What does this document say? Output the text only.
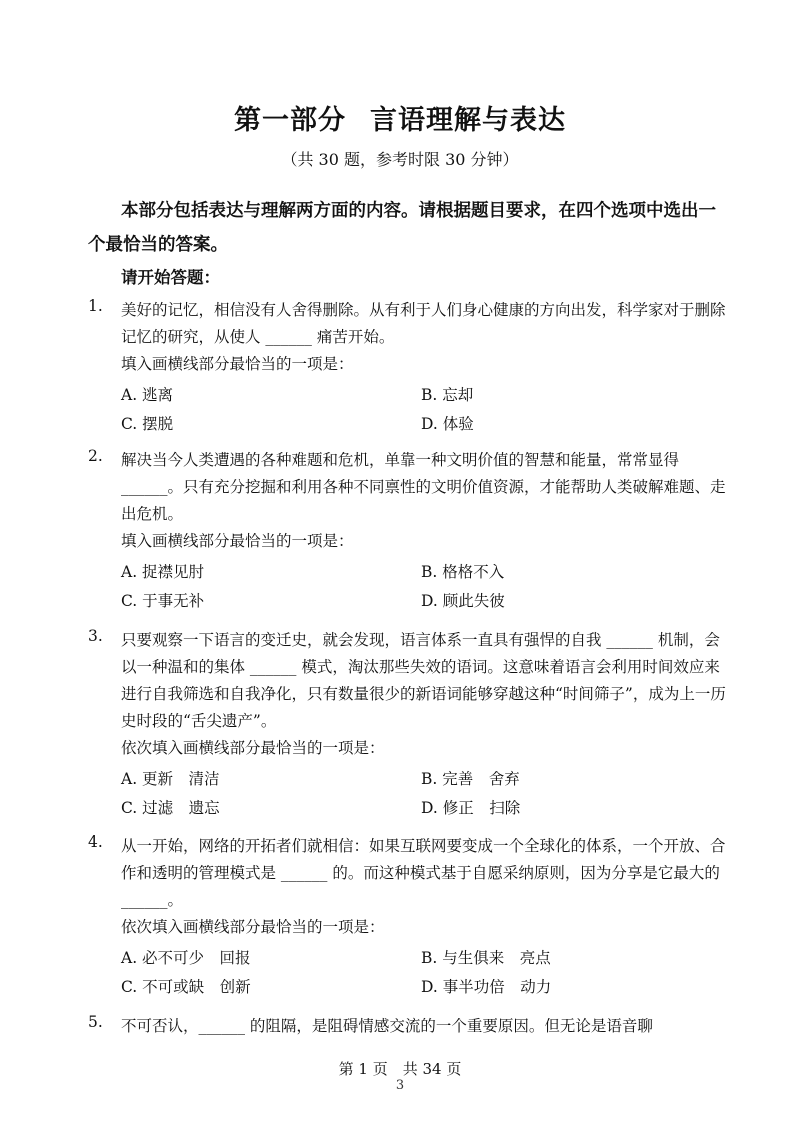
第一部分 言语理解与表达
（共 30 题，参考时限 30 分钟）
本部分包括表达与理解两方面的内容。请根据题目要求，在四个选项中选出一个最恰当的答案。
请开始答题：
1. 美好的记忆，相信没有人舍得删除。从有利于人们身心健康的方向出发，科学家对于删除记忆的研究，从使人 ______ 痛苦开始。
填入画横线部分最恰当的一项是：
A. 逃离	B. 忘却
C. 摆脱	D. 体验
2. 解决当今人类遭遇的各种难题和危机，单靠一种文明价值的智慧和能量，常常显得 ______。只有充分挖掘和利用各种不同禀性的文明价值资源，才能帮助人类破解难题、走出危机。
填入画横线部分最恰当的一项是：
A. 捉襟见肘	B. 格格不入
C. 于事无补	D. 顾此失彼
3. 只要观察一下语言的变迁史，就会发现，语言体系一直具有强悍的自我 ______ 机制，会以一种温和的集体 ______ 模式，淘汰那些失效的语词。这意味着语言会利用时间效应来进行自我筛选和自我净化，只有数量很少的新语词能够穿越这种“时间筛子”，成为上一历史时段的“舌尖遗产”。
依次填入画横线部分最恰当的一项是：
A. 更新　清洁	B. 完善　舍弃
C. 过滤　遗忘	D. 修正　扫除
4. 从一开始，网络的开拓者们就相信：如果互联网要变成一个全球化的体系，一个开放、合作和透明的管理模式是 ______ 的。而这种模式基于自愿采纳原则，因为分享是它最大的 ______。
依次填入画横线部分最恰当的一项是：
A. 必不可少　回报	B. 与生俱来　亮点
C. 不可或缺　创新	D. 事半功倍　动力
5. 不可否认，______ 的阻隔，是阻碍情感交流的一个重要原因。但无论是语音聊
第 1 页　共 34 页
3
